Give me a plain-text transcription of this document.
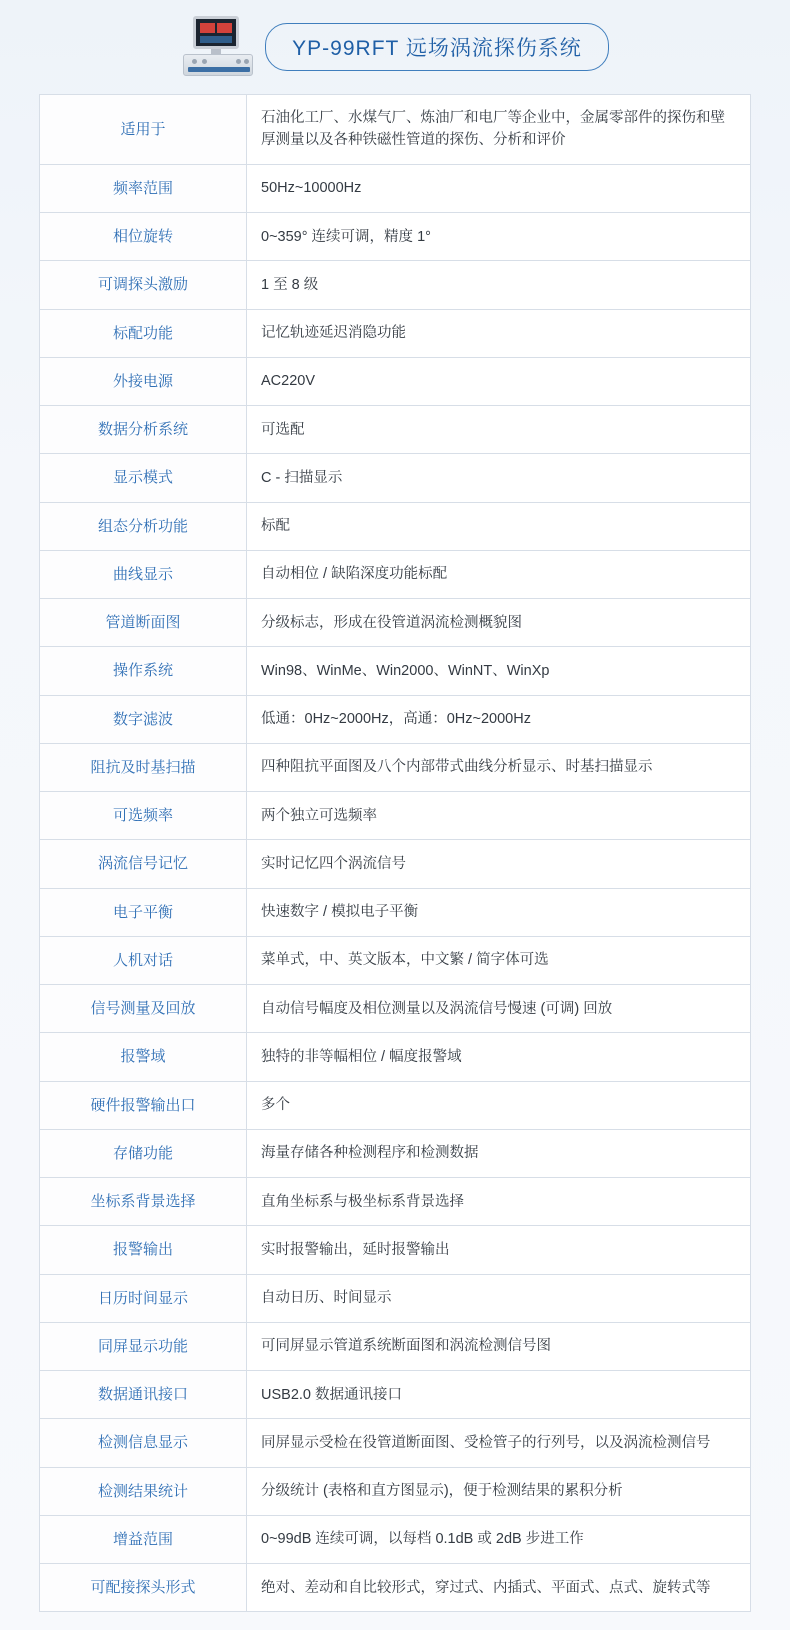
YP-99RFT 远场涡流探伤系统
适用于	石油化工厂、水煤气厂、炼油厂和电厂等企业中，金属零部件的探伤和壁厚测量以及各种铁磁性管道的探伤、分析和评价
频率范围	50Hz~10000Hz
相位旋转	0~359° 连续可调，精度 1°
可调探头激励	1 至 8 级
标配功能	记忆轨迹延迟消隐功能
外接电源	AC220V
数据分析系统	可选配
显示模式	C - 扫描显示
组态分析功能	标配
曲线显示	自动相位 / 缺陷深度功能标配
管道断面图	分级标志，形成在役管道涡流检测概貌图
操作系统	Win98、WinMe、Win2000、WinNT、WinXp
数字滤波	低通：0Hz~2000Hz，高通：0Hz~2000Hz
阻抗及时基扫描	四种阻抗平面图及八个内部带式曲线分析显示、时基扫描显示
可选频率	两个独立可选频率
涡流信号记忆	实时记忆四个涡流信号
电子平衡	快速数字 / 模拟电子平衡
人机对话	菜单式，中、英文版本，中文繁 / 简字体可选
信号测量及回放	自动信号幅度及相位测量以及涡流信号慢速 (可调) 回放
报警域	独特的非等幅相位 / 幅度报警域
硬件报警输出口	多个
存储功能	海量存储各种检测程序和检测数据
坐标系背景选择	直角坐标系与极坐标系背景选择
报警输出	实时报警输出，延时报警输出
日历时间显示	自动日历、时间显示
同屏显示功能	可同屏显示管道系统断面图和涡流检测信号图
数据通讯接口	USB2.0 数据通讯接口
检测信息显示	同屏显示受检在役管道断面图、受检管子的行列号，以及涡流检测信号
检测结果统计	分级统计 (表格和直方图显示)，便于检测结果的累积分析
增益范围	0~99dB 连续可调，以每档 0.1dB 或 2dB 步进工作
可配接探头形式	绝对、差动和自比较形式，穿过式、内插式、平面式、点式、旋转式等
